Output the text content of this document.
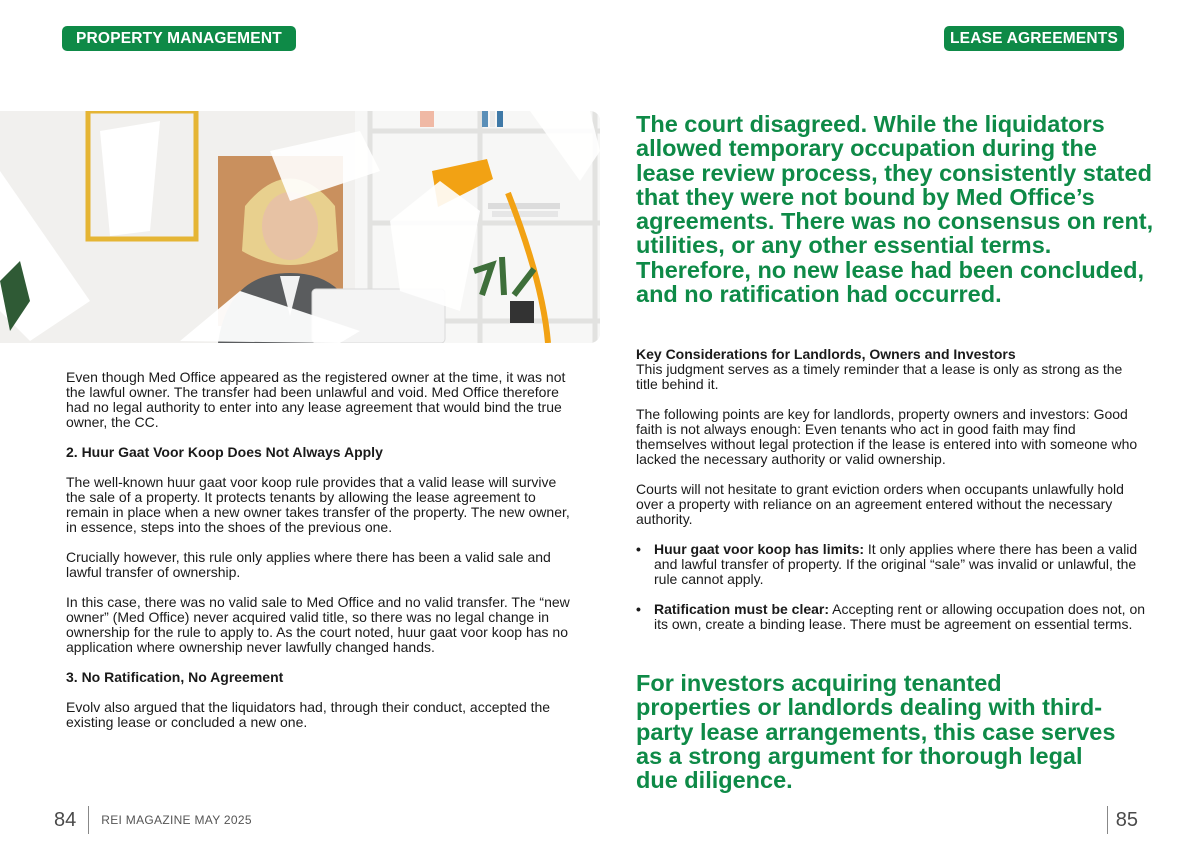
PROPERTY MANAGEMENT	LEASE AGREEMENTS

Even though Med Office appeared as the registered owner at the time, it was not the lawful owner. The transfer had been unlawful and void. Med Office therefore had no legal authority to enter into any lease agreement that would bind the true owner, the CC.

2. Huur Gaat Voor Koop Does Not Always Apply

The well-known huur gaat voor koop rule provides that a valid lease will survive the sale of a property. It protects tenants by allowing the lease agreement to remain in place when a new owner takes transfer of the property. The new owner, in essence, steps into the shoes of the previous one.

Crucially however, this rule only applies where there has been a valid sale and lawful transfer of ownership.

In this case, there was no valid sale to Med Office and no valid transfer. The “new owner” (Med Office) never acquired valid title, so there was no legal change in ownership for the rule to apply to. As the court noted, huur gaat voor koop has no application where ownership never lawfully changed hands.

3. No Ratification, No Agreement

Evolv also argued that the liquidators had, through their conduct, accepted the existing lease or concluded a new one.

The court disagreed. While the liquidators allowed temporary occupation during the lease review process, they consistently stated that they were not bound by Med Office’s agreements. There was no consensus on rent, utilities, or any other essential terms. Therefore, no new lease had been concluded, and no ratification had occurred.

Key Considerations for Landlords, Owners and Investors

This judgment serves as a timely reminder that a lease is only as strong as the title behind it.

The following points are key for landlords, property owners and investors: Good faith is not always enough: Even tenants who act in good faith may find themselves without legal protection if the lease is entered into with someone who lacked the necessary authority or valid ownership.

Courts will not hesitate to grant eviction orders when occupants unlawfully hold over a property with reliance on an agreement entered without the necessary authority.

• Huur gaat voor koop has limits: It only applies where there has been a valid and lawful transfer of property. If the original “sale” was invalid or unlawful, the rule cannot apply.

• Ratification must be clear: Accepting rent or allowing occupation does not, on its own, create a binding lease. There must be agreement on essential terms.

For investors acquiring tenanted properties or landlords dealing with third-party lease arrangements, this case serves as a strong argument for thorough legal due diligence.
84 REI MAGAZINE MAY 2025	85
